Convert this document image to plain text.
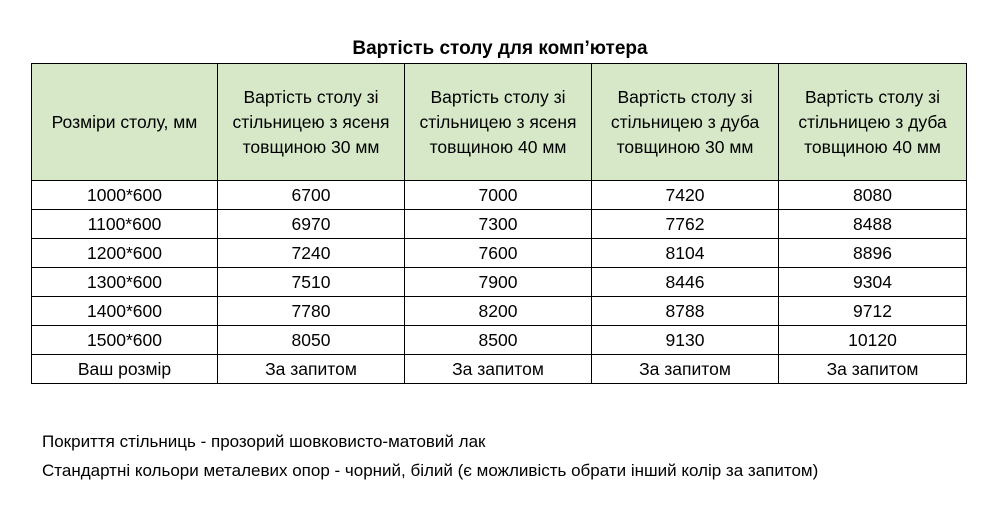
Вартість столу для комп’ютера
Розміри столу, мм	Вартість столу зі стільницею з ясеня товщиною 30 мм	Вартість столу зі стільницею з ясеня товщиною 40 мм	Вартість столу зі стільницею з дуба товщиною 30 мм	Вартість столу зі стільницею з дуба товщиною 40 мм
1000*600	6700	7000	7420	8080
1100*600	6970	7300	7762	8488
1200*600	7240	7600	8104	8896
1300*600	7510	7900	8446	9304
1400*600	7780	8200	8788	9712
1500*600	8050	8500	9130	10120
Ваш розмір	За запитом	За запитом	За запитом	За запитом
Покриття стільниць - прозорий шовковисто-матовий лак
Стандартні кольори металевих опор - чорний, білий (є можливість обрати інший колір за запитом)
